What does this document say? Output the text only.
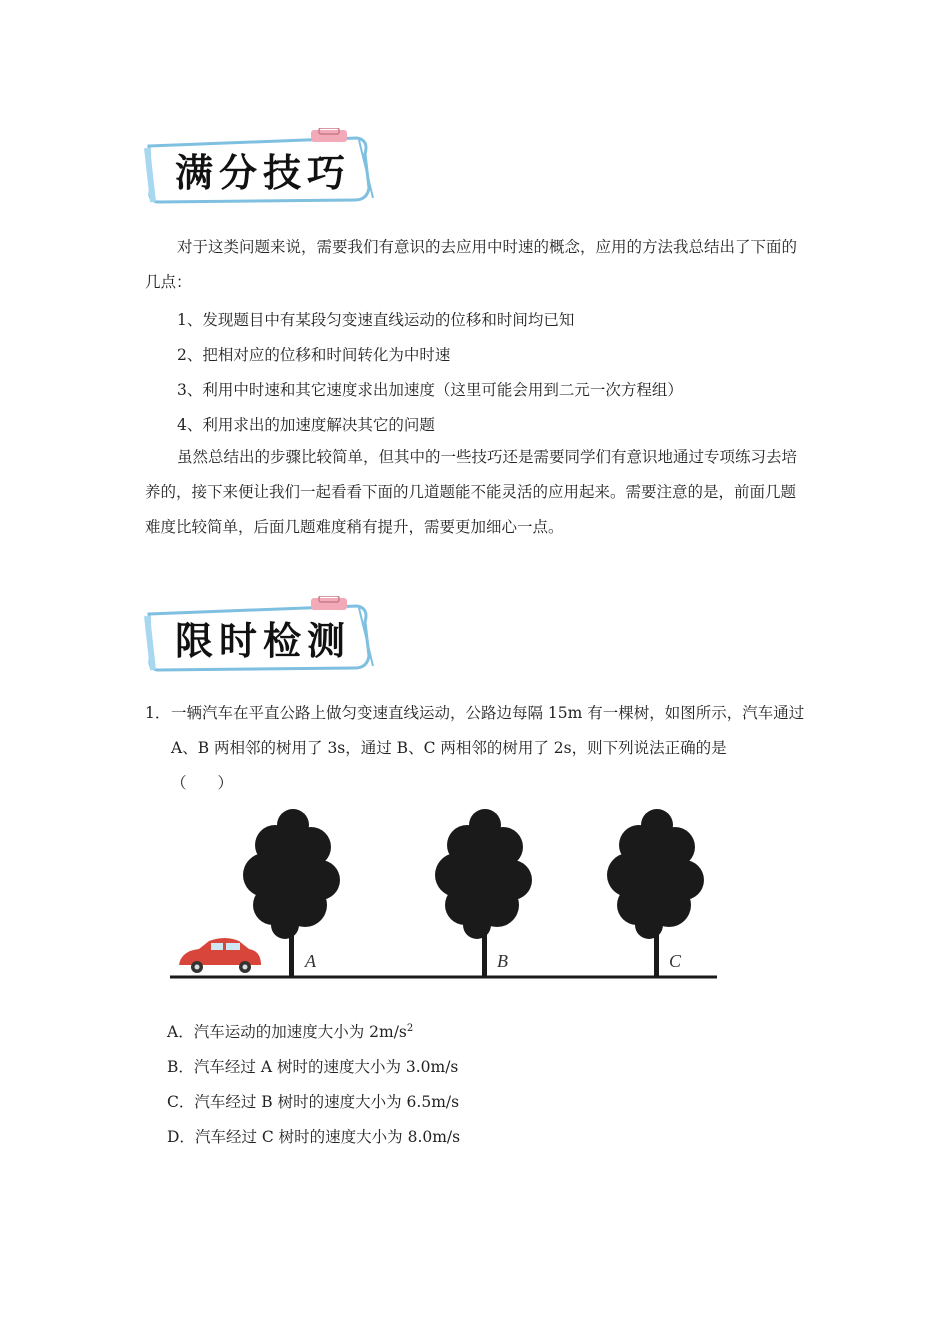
满分技巧
对于这类问题来说，需要我们有意识的去应用中时速的概念，应用的方法我总结出了下面的几点：
1、发现题目中有某段匀变速直线运动的位移和时间均已知
2、把相对应的位移和时间转化为中时速
3、利用中时速和其它速度求出加速度（这里可能会用到二元一次方程组）
4、利用求出的加速度解决其它的问题
虽然总结出的步骤比较简单，但其中的一些技巧还是需要同学们有意识地通过专项练习去培养的，接下来便让我们一起看看下面的几道题能不能灵活的应用起来。需要注意的是，前面几题难度比较简单，后面几题难度稍有提升，需要更加细心一点。
限时检测
1． 一辆汽车在平直公路上做匀变速直线运动，公路边每隔 15m 有一棵树，如图所示，汽车通过 A、B 两相邻的树用了 3s，通过 B、C 两相邻的树用了 2s，则下列说法正确的是
（　　）
A	B	C
A．汽车运动的加速度大小为 $2m/s^2$
B．汽车经过 A 树时的速度大小为 3.0m/s
C．汽车经过 B 树时的速度大小为 6.5m/s
D．汽车经过 C 树时的速度大小为 8.0m/s
